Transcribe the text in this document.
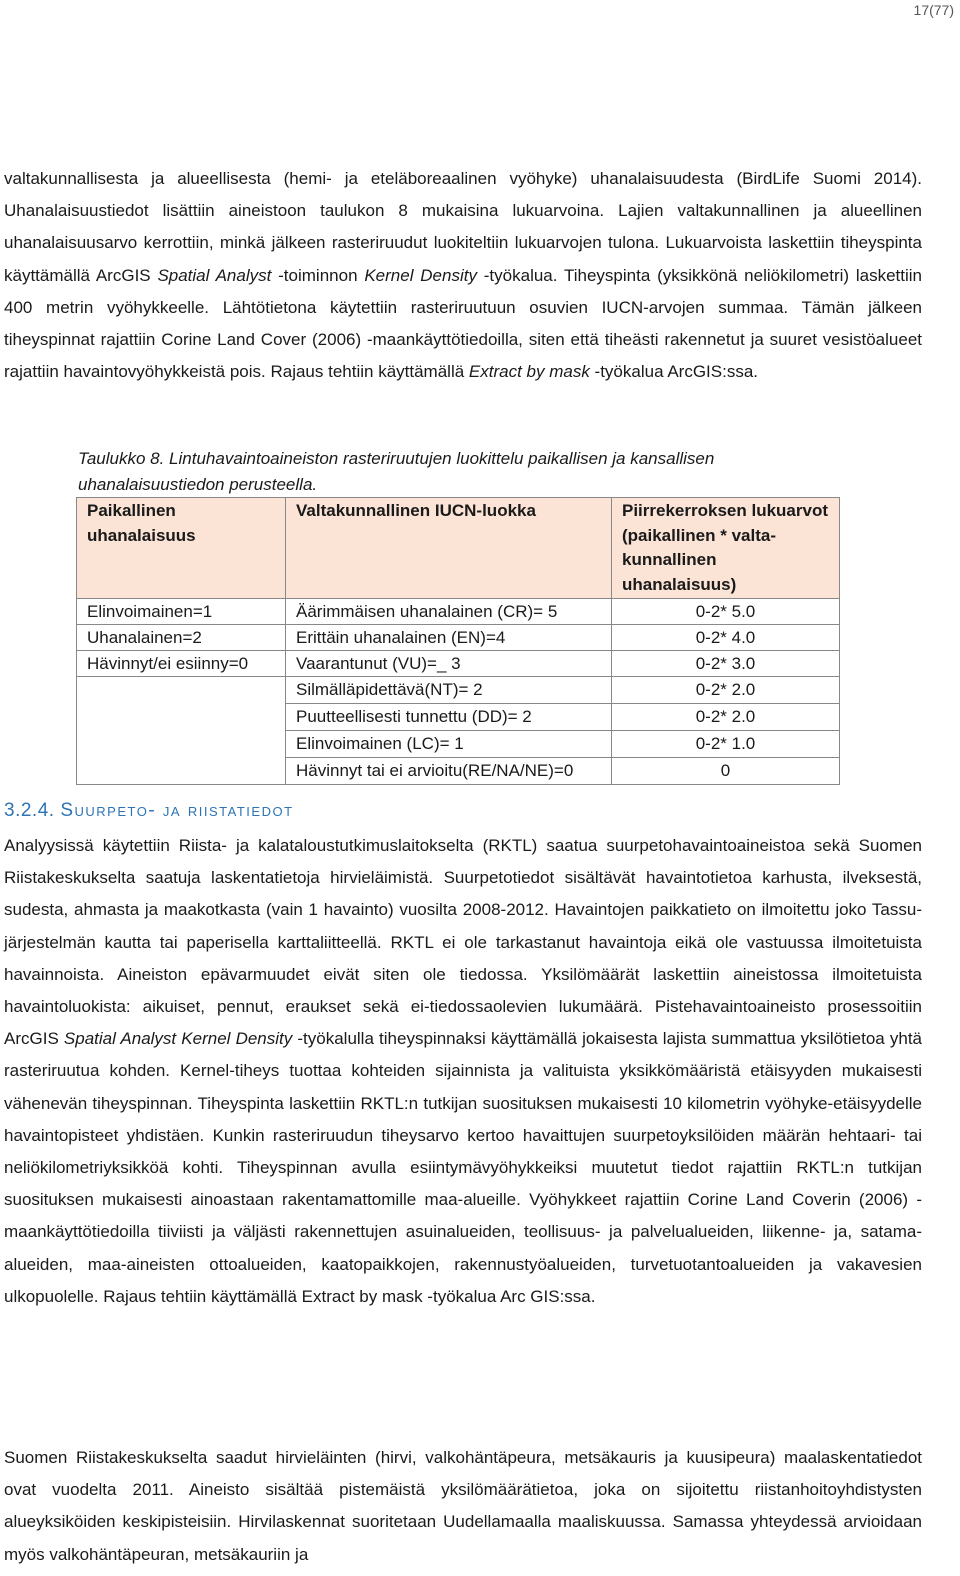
17(77)

valtakunnallisesta ja alueellisesta (hemi- ja eteläboreaalinen vyöhyke) uhanalaisuudesta (BirdLife Suomi 2014). Uhanalaisuustiedot lisättiin aineistoon taulukon 8 mukaisina lukuarvoina. Lajien valtakunnallinen ja alueellinen uhanalaisuusarvo kerrottiin, minkä jälkeen rasteriruudut luokiteltiin lukuarvojen tulona. Lukuarvoista laskettiin tiheyspinta käyttämällä ArcGIS Spatial Analyst -toiminnon Kernel Density -työkalua. Tiheyspinta (yksikkönä neliökilometri) laskettiin 400 metrin vyöhykkeelle. Lähtötietona käytettiin rasteriruutuun osuvien IUCN-arvojen summaa. Tämän jälkeen tiheyspinnat rajattiin Corine Land Cover (2006) -maankäyttötiedoilla, siten että tiheästi rakennetut ja suuret vesistöalueet rajattiin havaintovyöhykkeistä pois. Rajaus tehtiin käyttämällä Extract by mask -työkalua ArcGIS:ssa.

Taulukko 8. Lintuhavaintoaineiston rasteriruutujen luokittelu paikallisen ja kansallisen uhanalaisuustiedon perusteella.
Paikallinen uhanalaisuus	Valtakunnallinen IUCN-luokka	Piirrekerroksen lukuarvot (paikallinen * valta-kunnallinen uhanalaisuus)
Elinvoimainen=1	Äärimmäisen uhanalainen (CR)= 5	0-2* 5.0
Uhanalainen=2	Erittäin uhanalainen (EN)=4	0-2* 4.0
Hävinnyt/ei esiinny=0	Vaarantunut (VU)=_ 3	0-2* 3.0
	Silmälläpidettävä(NT)= 2	0-2* 2.0
	Puutteellisesti tunnettu (DD)= 2	0-2* 2.0
	Elinvoimainen (LC)= 1	0-2* 1.0
	Hävinnyt tai ei arvioitu(RE/NA/NE)=0	0
3.2.4. Suurpeto- ja riistatiedot

Analyysissä käytettiin Riista- ja kalataloustutkimuslaitokselta (RKTL) saatua suurpetohavaintoaineistoa sekä Suomen Riistakeskukselta saatuja laskentatietoja hirvieläimistä. Suurpetotiedot sisältävät havaintotietoa karhusta, ilveksestä, sudesta, ahmasta ja maakotkasta (vain 1 havainto) vuosilta 2008-2012. Havaintojen paikkatieto on ilmoitettu joko Tassu-järjestelmän kautta tai paperisella karttaliitteellä. RKTL ei ole tarkastanut havaintoja eikä ole vastuussa ilmoitetuista havainnoista. Aineiston epävarmuudet eivät siten ole tiedossa. Yksilömäärät laskettiin aineistossa ilmoitetuista havaintoluokista: aikuiset, pennut, eraukset sekä ei-tiedossaolevien lukumäärä. Pistehavaintoaineisto prosessoitiin ArcGIS Spatial Analyst Kernel Density -työkalulla tiheyspinnaksi käyttämällä jokaisesta lajista summattua yksilötietoa yhtä rasteriruutua kohden. Kernel-tiheys tuottaa kohteiden sijainnista ja valituista yksikkömääristä etäisyyden mukaisesti vähenevän tiheyspinnan. Tiheyspinta laskettiin RKTL:n tutkijan suosituksen mukaisesti 10 kilometrin vyöhyke-etäisyydelle havaintopisteet yhdistäen. Kunkin rasteriruudun tiheysarvo kertoo havaittujen suurpetoyksilöiden määrän hehtaari- tai neliökilometriyksikköä kohti. Tiheyspinnan avulla esiintymävyöhykkeiksi muutetut tiedot rajattiin RKTL:n tutkijan suosituksen mukaisesti ainoastaan rakentamattomille maa-alueille. Vyöhykkeet rajattiin Corine Land Coverin (2006) -maankäyttötiedoilla tiiviisti ja väljästi rakennettujen asuinalueiden, teollisuus- ja palvelualueiden, liikenne- ja, satama-alueiden, maa-aineisten ottoalueiden, kaatopaikkojen, rakennustyöalueiden, turvetuotantoalueiden ja vakavesien ulkopuolelle. Rajaus tehtiin käyttämällä Extract by mask -työkalua Arc GIS:ssa.

Suomen Riistakeskukselta saadut hirvieläinten (hirvi, valkohäntäpeura, metsäkauris ja kuusipeura) maalaskentatiedot ovat vuodelta 2011. Aineisto sisältää pistemäistä yksilömäärätietoa, joka on sijoitettu riistanhoitoyhdistysten alueyksiköiden keskipisteisiin. Hirvilaskennat suoritetaan Uudellamaalla maaliskuussa. Samassa yhteydessä arvioidaan myös valkohäntäpeuran, metsäkauriin ja
